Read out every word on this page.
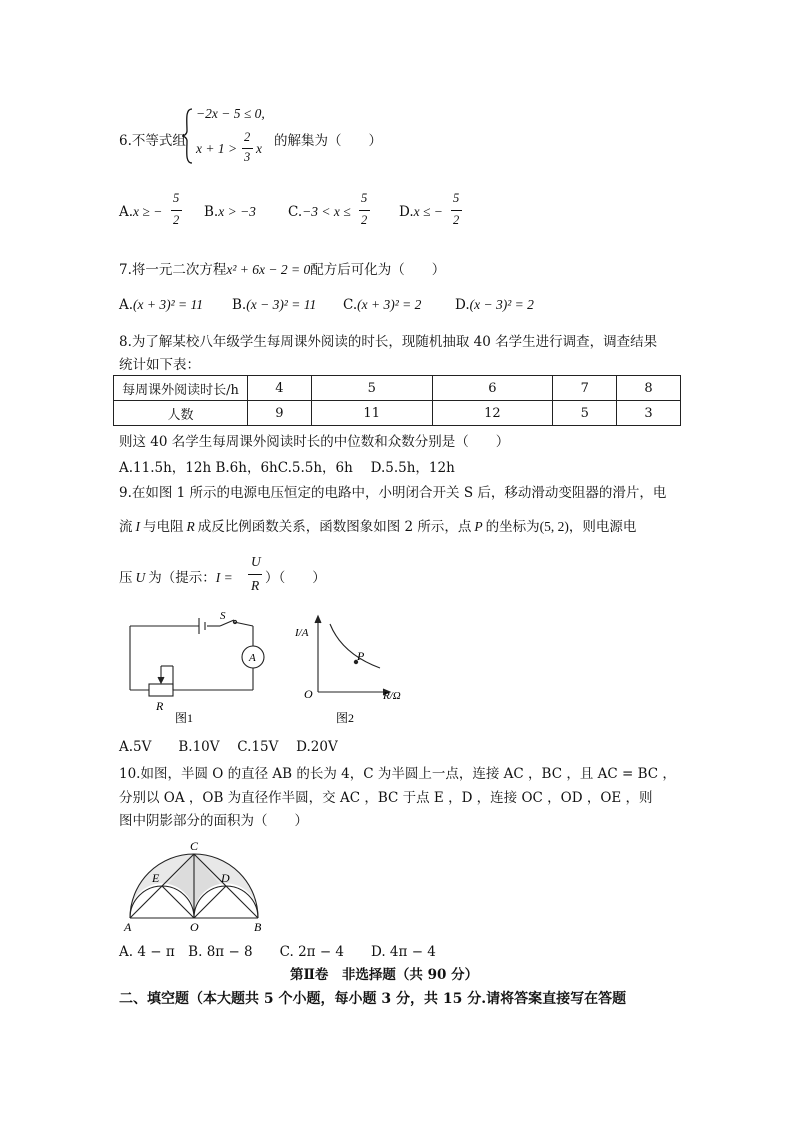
6.不等式组
−2x − 5 ≤ 0,
x + 1 >
2
3
x 的解集为（　　）
A.x ≥ −
5
2 B.x > −3 C.−3 < x ≤
5
2 D.x ≤ −
5
2
7.将一元二次方程x² + 6x − 2 = 0配方后可化为（　　）
A.(x + 3)² = 11 B.(x − 3)² = 11 C.(x + 3)² = 2 D.(x − 3)² = 2
8.为了解某校八年级学生每周课外阅读的时长，现随机抽取 40 名学生进行调查，调查结果
统计如下表：
每周课外阅读时长/h	4	5	6	7	8
人数	9	11	12	5	3
则这 40 名学生每周课外阅读时长的中位数和众数分别是（　　）
A.11.5h，12h B.6h，6hC.5.5h，6h　 D.5.5h，12h
9.在如图 1 所示的电源电压恒定的电路中，小明闭合开关 S 后，移动滑动变阻器的滑片，电
流 I 与电阻 R 成反比例函数关系，函数图象如图 2 所示，点 P 的坐标为(5, 2)，则电源电
压 U 为（提示：I =
U
R ）（　　）
S
A
R
图1
I/A
R/Ω
O
P
图2
A.5V　　B.10V　 C.15V　 D.20V
10.如图，半圆 O 的直径 AB 的长为 4，C 为半圆上一点，连接 AC ，BC ，且 AC = BC ，
分别以 OA ，OB 为直径作半圆，交 AC ，BC 于点 E ，D ，连接 OC ，OD ，OE ，则
图中阴影部分的面积为（　　）
C
E	D
A	O	B
A. 4 − π　B. 8π − 8　　C. 2π − 4　　D. 4π − 4
第Ⅱ卷　非选择题（共 90 分）
二、填空题（本大题共 5 个小题，每小题 3 分，共 15 分.请将答案直接写在答题
